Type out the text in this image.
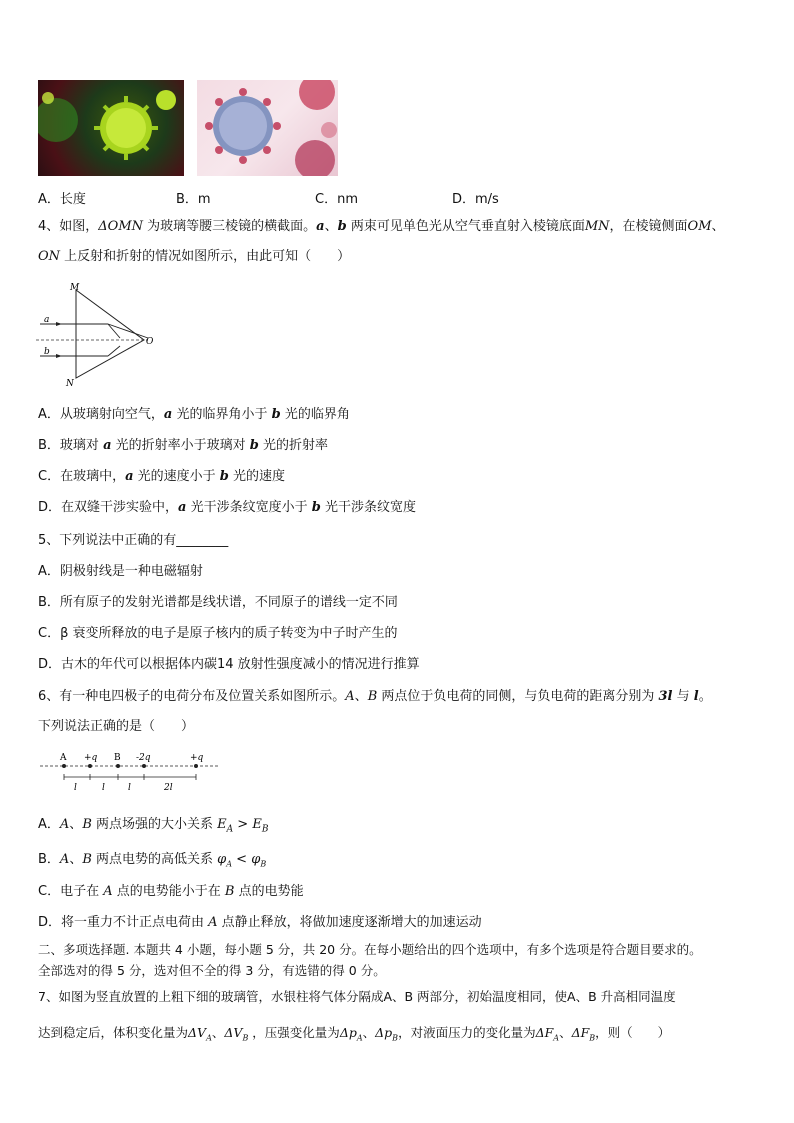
A．长度	B．m	C．nm	D．m/s
4、如图，ΔOMN 为玻璃等腰三棱镜的横截面。a、b 两束可见单色光从空气垂直射入棱镜底面MN，在棱镜侧面OM、
ON 上反射和折射的情况如图所示，由此可知（　　）
M
N
O
a
b
A．从玻璃射向空气，a 光的临界角小于 b 光的临界角
B．玻璃对 a 光的折射率小于玻璃对 b 光的折射率
C．在玻璃中，a 光的速度小于 b 光的速度
D．在双缝干涉实验中，a 光干涉条纹宽度小于 b 光干涉条纹宽度
5、下列说法中正确的有________
A．阴极射线是一种电磁辐射
B．所有原子的发射光谱都是线状谱，不同原子的谱线一定不同
C．β 衰变所释放的电子是原子核内的质子转变为中子时产生的
D．古木的年代可以根据体内碳14 放射性强度减小的情况进行推算
6、有一种电四极子的电荷分布及位置关系如图所示。A、B 两点位于负电荷的同侧，与负电荷的距离分别为 3l 与 l。
下列说法正确的是（　　）
A +q B -2q	+q
l	l	l	2l
A．A、B 两点场强的大小关系 $E_A > E_B$
B．A、B 两点电势的高低关系 $\varphi_A < \varphi_B$
C．电子在 A 点的电势能小于在 B 点的电势能
D．将一重力不计正点电荷由 A 点静止释放，将做加速度逐渐增大的加速运动
二、多项选择题. 本题共 4 小题，每小题 5 分，共 20 分。在每小题给出的四个选项中，有多个选项是符合题目要求的。
全部选对的得 5 分，选对但不全的得 3 分，有选错的得 0 分。
7、如图为竖直放置的上粗下细的玻璃管，水银柱将气体分隔成A、B 两部分，初始温度相同，使A、B 升高相同温度
达到稳定后，体积变化量为$\Delta V_A$、$\Delta V_B$ ，压强变化量为$\Delta p_A$、$\Delta p_B$，对液面压力的变化量为$\Delta F_A$、$\Delta F_B$，则（　　）
